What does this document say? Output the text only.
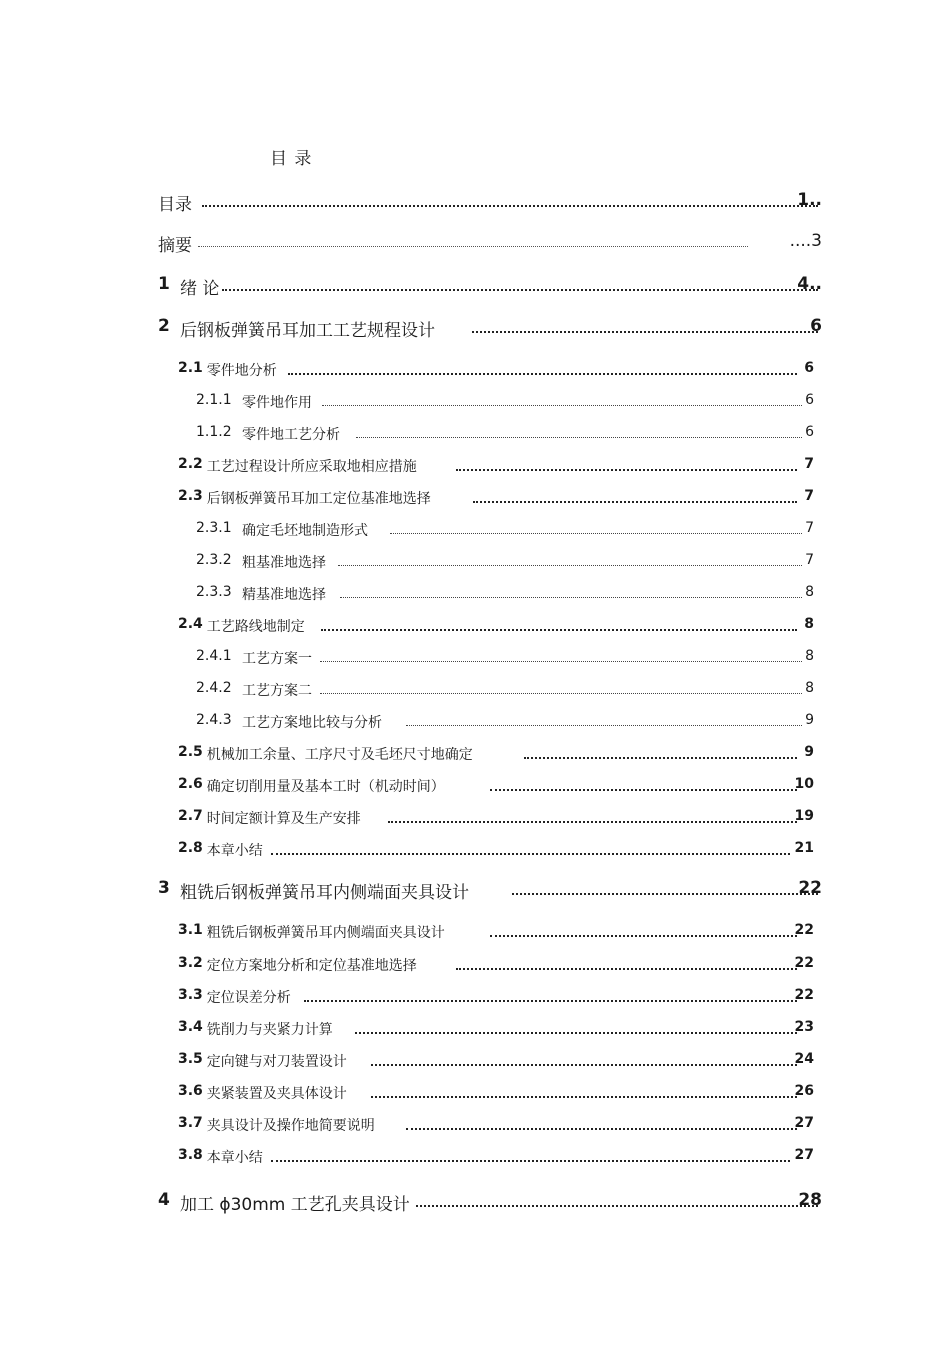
目 录
目录	1..
摘要	....3
1 绪 论	4..
2 后钢板弹簧吊耳加工工艺规程设计	6
2.1 零件地分析	6
2.1.1 零件地作用	6
1.1.2 零件地工艺分析	6
2.2 工艺过程设计所应采取地相应措施	7
2.3 后钢板弹簧吊耳加工定位基准地选择	7
2.3.1 确定毛坯地制造形式	7
2.3.2 粗基准地选择	7
2.3.3 精基准地选择	8
2.4 工艺路线地制定	8
2.4.1 工艺方案一	8
2.4.2 工艺方案二	8
2.4.3 工艺方案地比较与分析	9
2.5 机械加工余量、工序尺寸及毛坯尺寸地确定	9
2.6 确定切削用量及基本工时（机动时间）	10
2.7 时间定额计算及生产安排	19
2.8 本章小结	21
3 粗铣后钢板弹簧吊耳内侧端面夹具设计	22
3.1 粗铣后钢板弹簧吊耳内侧端面夹具设计	22
3.2 定位方案地分析和定位基准地选择	22
3.3 定位误差分析	22
3.4 铣削力与夹紧力计算	23
3.5 定向键与对刀装置设计	24
3.6 夹紧装置及夹具体设计	26
3.7 夹具设计及操作地简要说明	27
3.8 本章小结	27
4 加工 ϕ30mm 工艺孔夹具设计	28
